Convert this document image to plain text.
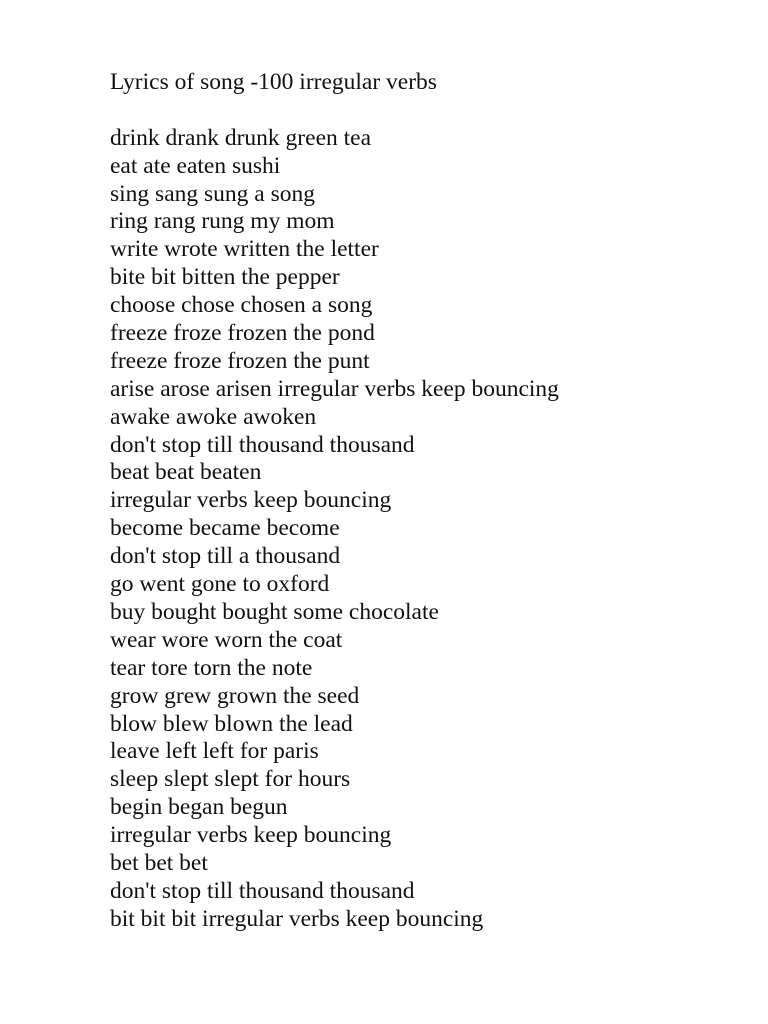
Lyrics of song -100 irregular verbs
drink drank drunk green tea
eat ate eaten sushi
sing sang sung a song
ring rang rung my mom
write wrote written the letter
bite bit bitten the pepper
choose chose chosen a song
freeze froze frozen the pond
freeze froze frozen the punt
arise arose arisen irregular verbs keep bouncing
awake awoke awoken
don't stop till thousand thousand
beat beat beaten
irregular verbs keep bouncing
become became become
don't stop till a thousand
go went gone to oxford
buy bought bought some chocolate
wear wore worn the coat
tear tore torn the note
grow grew grown the seed
blow blew blown the lead
leave left left for paris
sleep slept slept for hours
begin began begun
irregular verbs keep bouncing
bet bet bet
don't stop till thousand thousand
bit bit bit irregular verbs keep bouncing
